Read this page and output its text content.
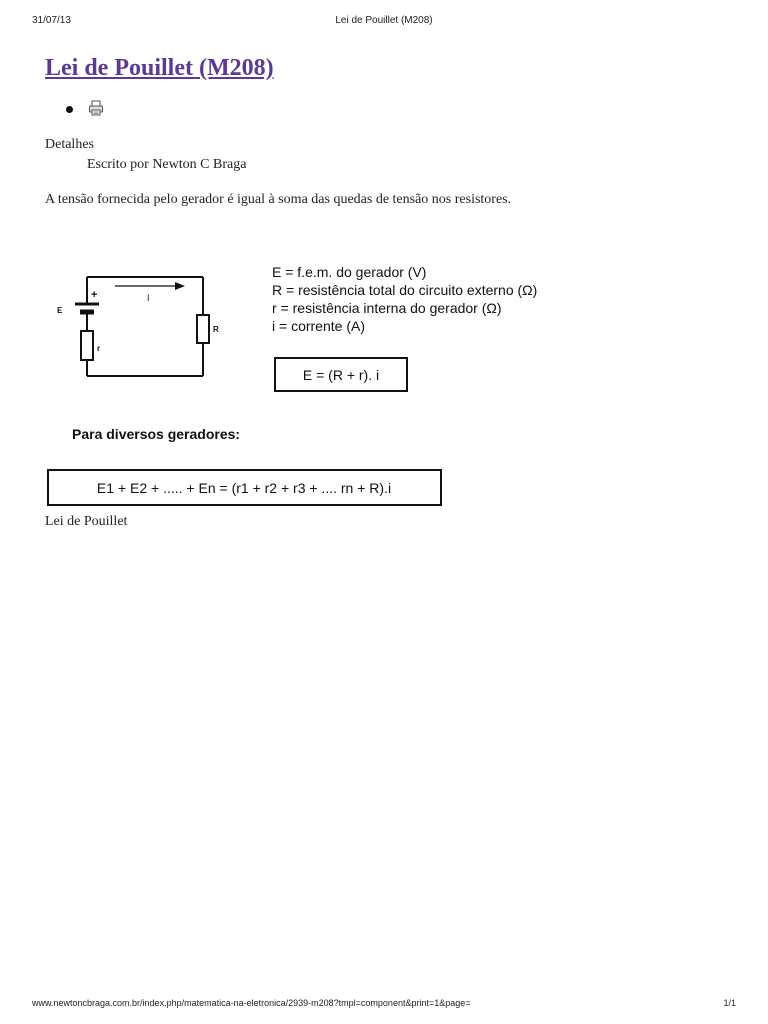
31/07/13	Lei de Pouillet (M208)
Lei de Pouillet (M208)
Detalhes
Escrito por Newton C Braga
A tensão fornecida pelo gerador é igual à soma das quedas de tensão nos resistores.
+	I
E
r
R
E = f.e.m. do gerador (V)
R = resistência total do circuito externo (Ω)
r = resistência interna do gerador (Ω)
i = corrente (A)
E = (R + r). i
Para diversos geradores:
E1 + E2 + ..... + En = (r1 + r2 + r3 + .... rn + R).i
Lei de Pouillet
www.newtoncbraga.com.br/index.php/matematica-na-eletronica/2939-m208?tmpl=component&print=1&page=	1/1
